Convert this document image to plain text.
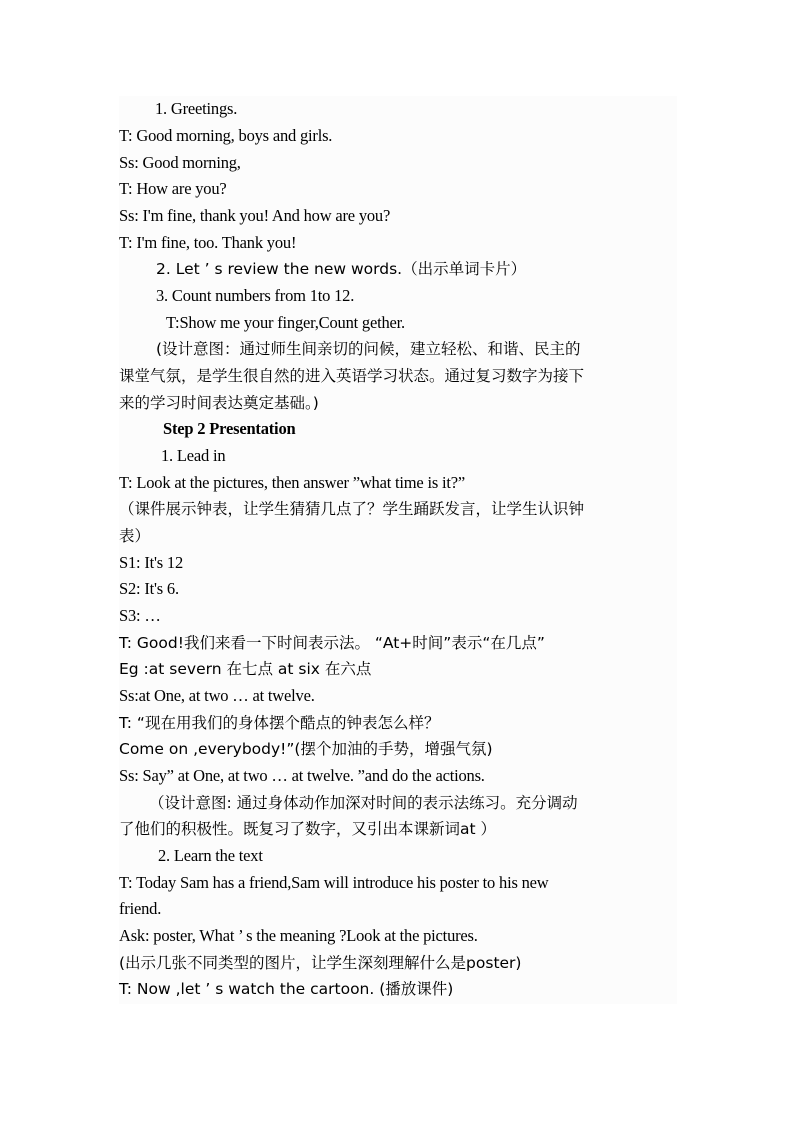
1. Greetings.
T: Good morning, boys and girls.
Ss: Good morning,
T: How are you?
Ss: I'm fine, thank you! And how are you?
T: I'm fine, too. Thank you!
2. Let ’ s review the new words.（出示单词卡片）
3. Count numbers from 1to 12.
T:Show me your finger,Count gether.
(设计意图：通过师生间亲切的问候，建立轻松、和谐、民主的
课堂气氛，是学生很自然的进入英语学习状态。通过复习数字为接下
来的学习时间表达奠定基础。)
Step 2 Presentation
1. Lead in
T: Look at the pictures, then answer ”what time is it?”
（课件展示钟表，让学生猜猜几点了？学生踊跃发言，让学生认识钟
表）
S1: It's 12
S2: It's 6.
S3: …
T: Good!我们来看一下时间表示法。 “At+时间”表示“在几点”
Eg :at severn 在七点 at six 在六点
Ss:at One, at two … at twelve.
T: “现在用我们的身体摆个酷点的钟表怎么样？
Come on ,everybody!”(摆个加油的手势，增强气氛)
Ss: Say” at One, at two … at twelve. ”and do the actions.
（设计意图: 通过身体动作加深对时间的表示法练习。充分调动
了他们的积极性。既复习了数字，又引出本课新词at ）
2. Learn the text
T: Today Sam has a friend,Sam will introduce his poster to his new
friend.
Ask: poster, What ’ s the meaning ?Look at the pictures.
(出示几张不同类型的图片，让学生深刻理解什么是poster)
T: Now ,let ’ s watch the cartoon. (播放课件)
